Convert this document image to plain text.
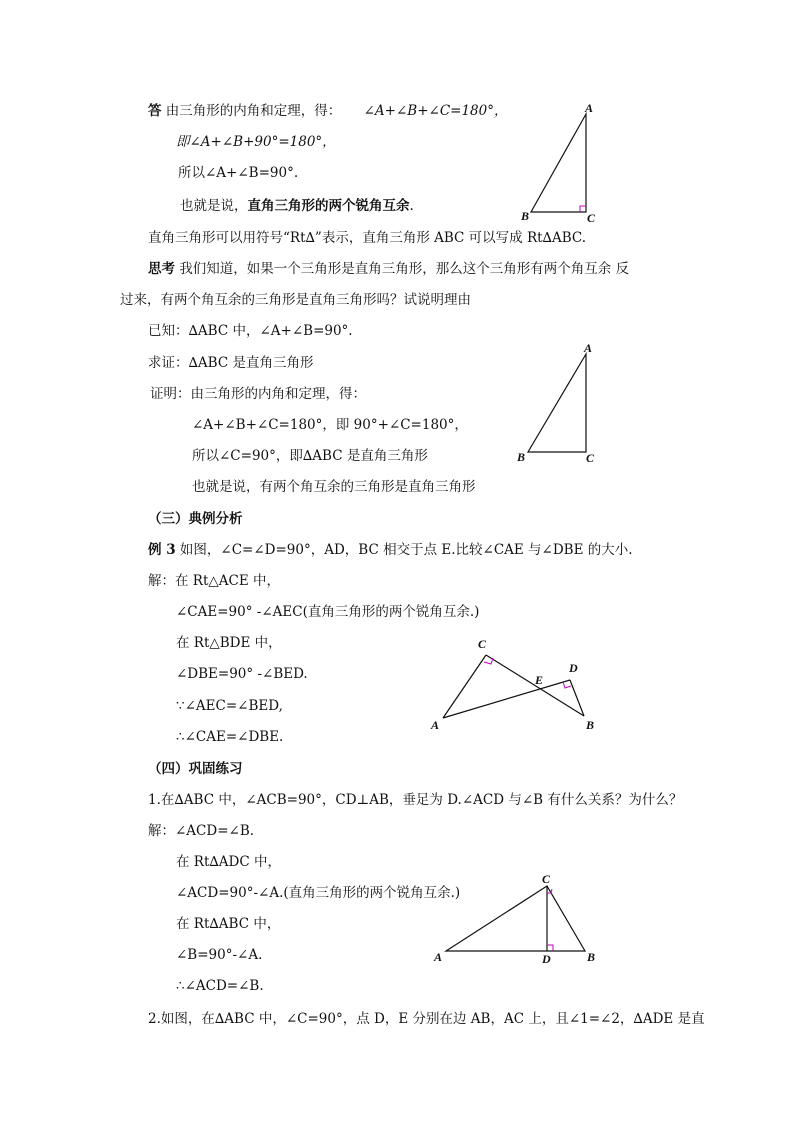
答 由三角形的内角和定理，得： ∠A+∠B+∠C=180°，
即∠A+∠B+90°=180°，
所以∠A+∠B=90°.
也就是说，直角三角形的两个锐角互余.
直角三角形可以用符号“Rt∆”表示，直角三角形 ABC 可以写成 Rt∆ABC.
A
B	C
思考 我们知道，如果一个三角形是直角三角形，那么这个三角形有两个角互余 反
过来，有两个角互余的三角形是直角三角形吗？试说明理由
已知：∆ABC 中，∠A+∠B=90°.
求证：∆ABC 是直角三角形
证明：由三角形的内角和定理，得：
∠A+∠B+∠C=180°，即 90°+∠C=180°，
所以∠C=90°，即∆ABC 是直角三角形
也就是说，有两个角互余的三角形是直角三角形
A
B	C
（三）典例分析
例 3 如图，∠C=∠D=90°，AD，BC 相交于点 E.比较∠CAE 与∠DBE 的大小.
解：在 Rt△ACE 中，
∠CAE=90° -∠AEC(直角三角形的两个锐角互余.)
在 Rt△BDE 中，
∠DBE=90° -∠BED.
∵∠AEC=∠BED,
∴∠CAE=∠DBE.
C
D
E
A	B
（四）巩固练习
1.在∆ABC 中，∠ACB=90°，CD⊥AB，垂足为 D.∠ACD 与∠B 有什么关系？为什么？
解：∠ACD=∠B.
在 Rt∆ADC 中，
∠ACD=90°-∠A.(直角三角形的两个锐角互余.)
在 Rt∆ABC 中，
∠B=90°-∠A.
∴∠ACD=∠B.
2.如图，在∆ABC 中，∠C=90°，点 D，E 分别在边 AB，AC 上，且∠1=∠2，∆ADE 是直
C
A	D	B
